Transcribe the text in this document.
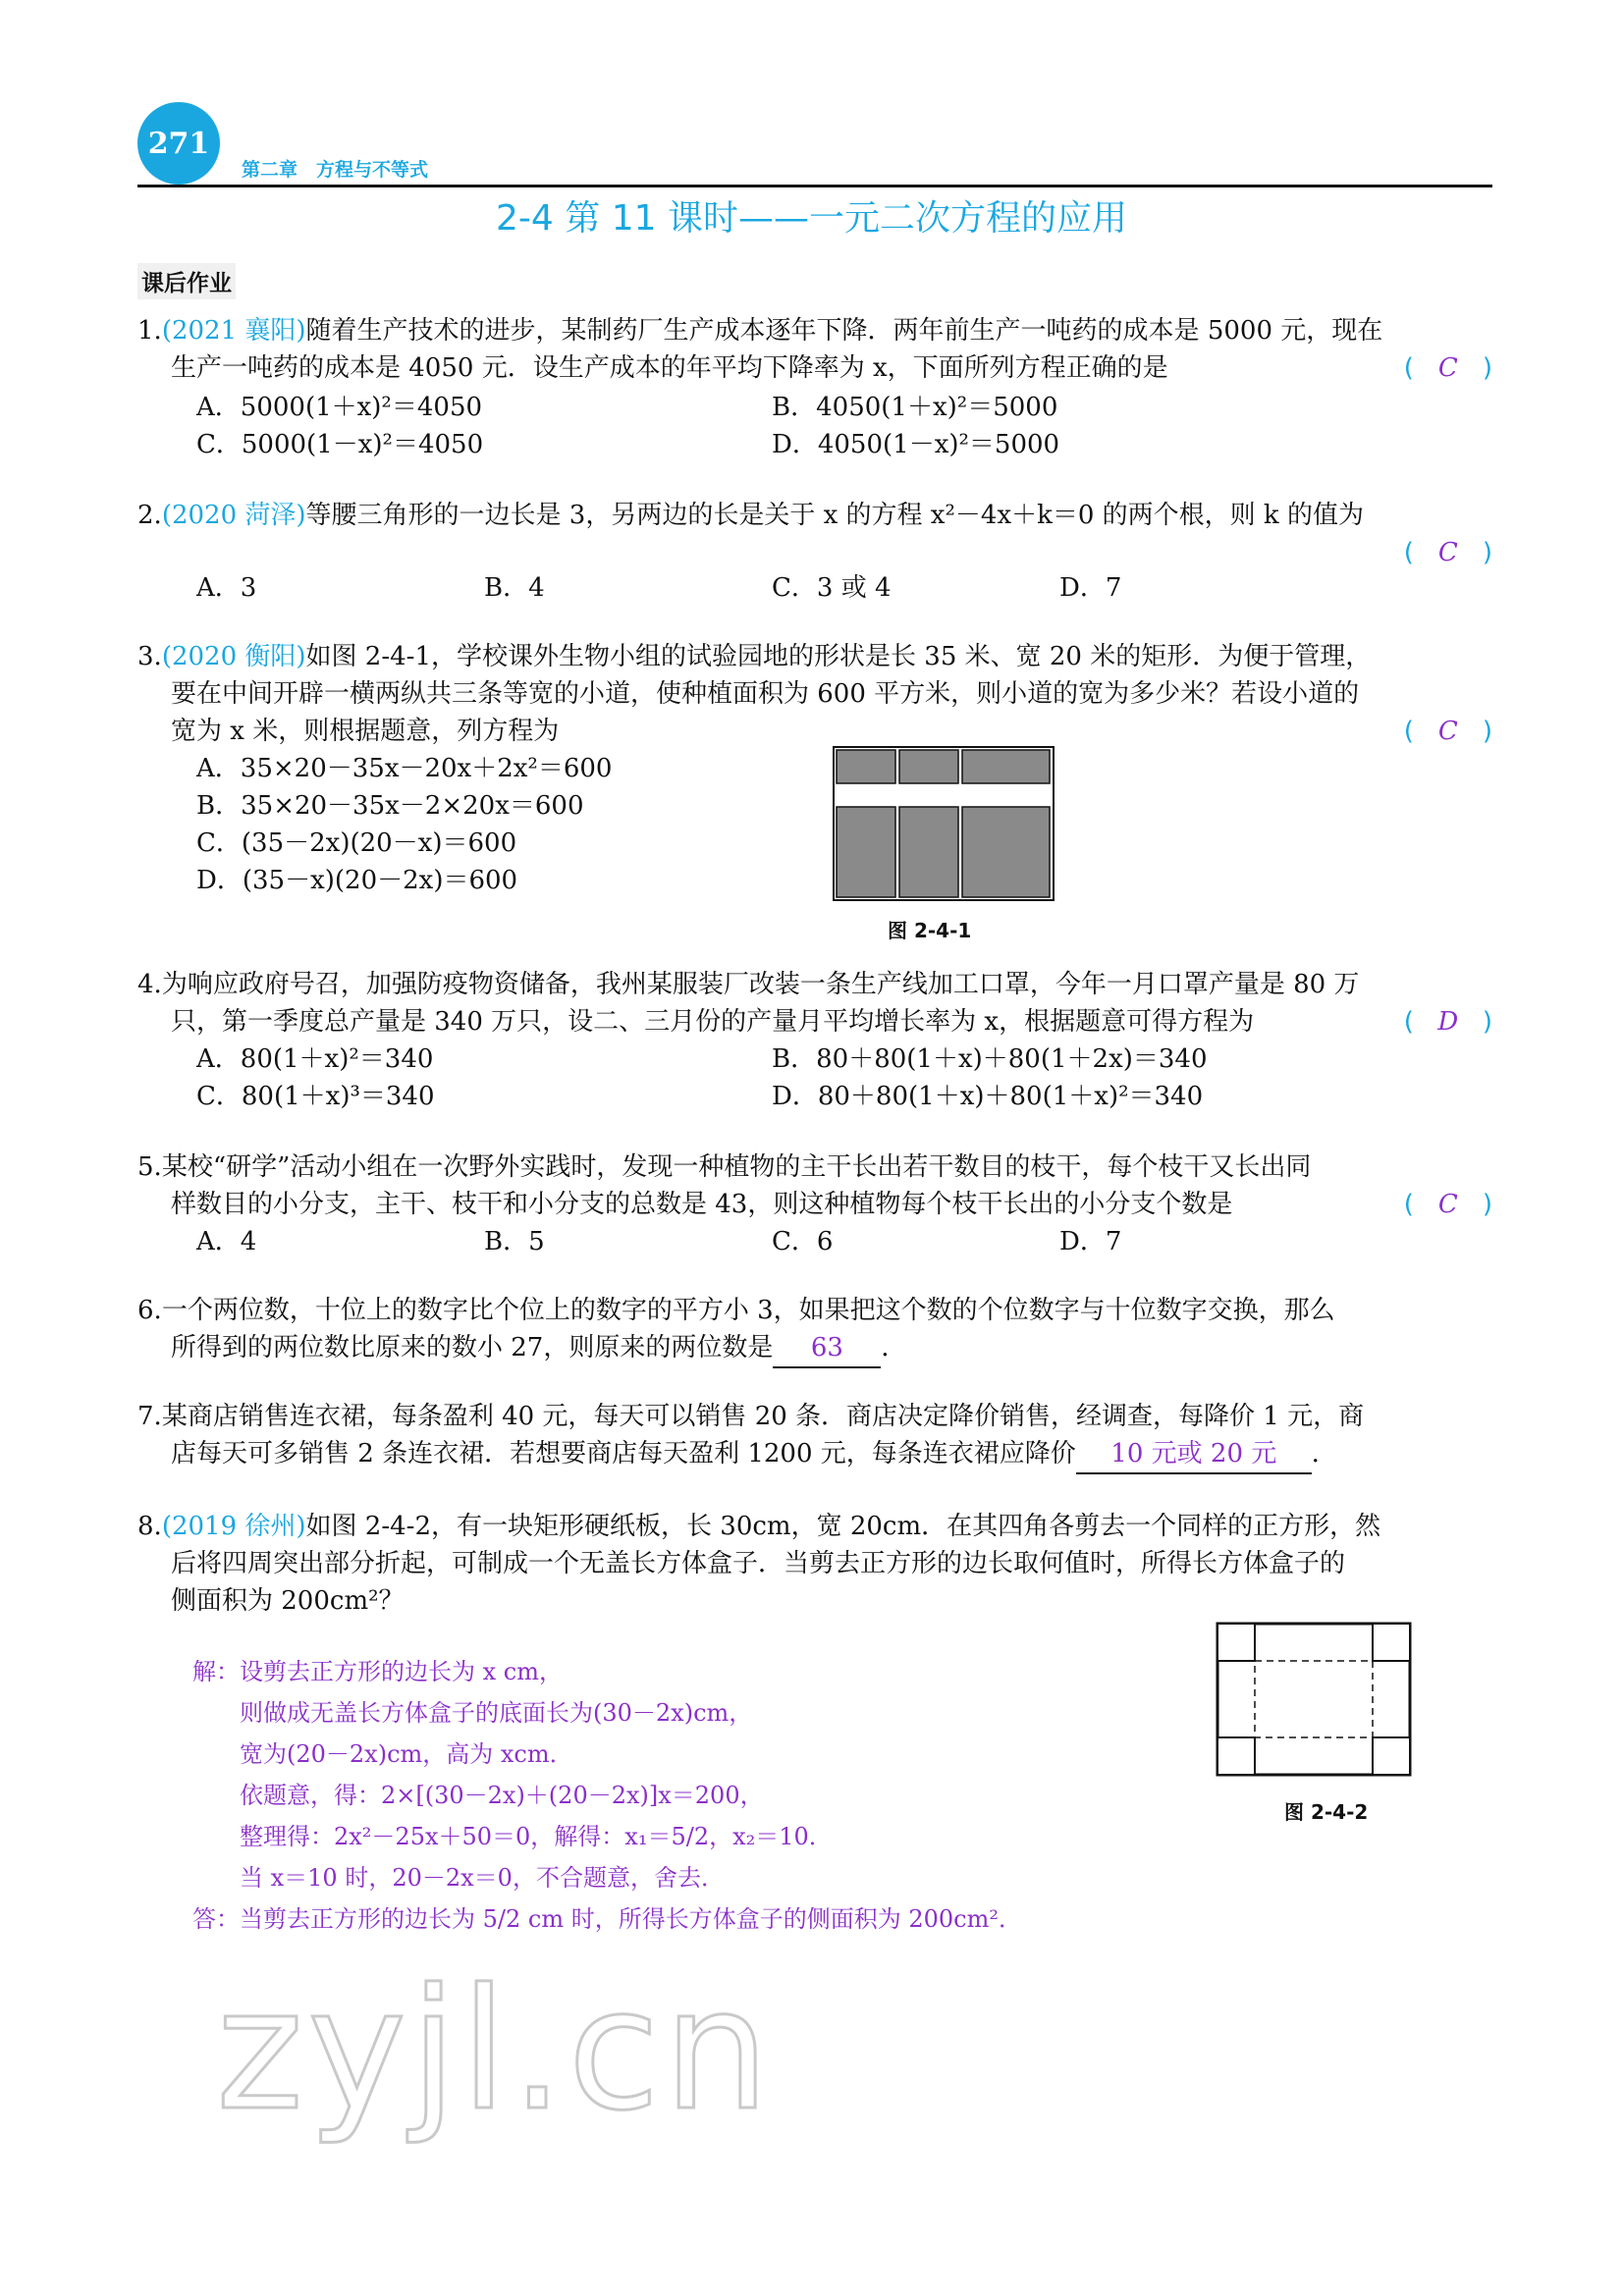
271
第二章　方程与不等式
2-4 第 11 课时——一元二次方程的应用
课后作业
1.(2021 襄阳)随着生产技术的进步，某制药厂生产成本逐年下降．两年前生产一吨药的成本是 5000 元，现在
生产一吨药的成本是 4050 元．设生产成本的年平均下降率为 x，下面所列方程正确的是	( C )
A．5000(1＋x)²＝4050	B．4050(1＋x)²＝5000
C．5000(1－x)²＝4050	D．4050(1－x)²＝5000
2.(2020 菏泽)等腰三角形的一边长是 3，另两边的长是关于 x 的方程 x²－4x＋k＝0 的两个根，则 k 的值为
( C )
A．3	B．4	C．3 或 4	D．7
3.(2020 衡阳)如图 2-4-1，学校课外生物小组的试验园地的形状是长 35 米、宽 20 米的矩形．为便于管理，
要在中间开辟一横两纵共三条等宽的小道，使种植面积为 600 平方米，则小道的宽为多少米？若设小道的
宽为 x 米，则根据题意，列方程为	( C )
A．35×20－35x－20x＋2x²＝600
B．35×20－35x－2×20x＝600
C．(35－2x)(20－x)＝600
D．(35－x)(20－2x)＝600
图 2-4-1
4.为响应政府号召，加强防疫物资储备，我州某服装厂改装一条生产线加工口罩，今年一月口罩产量是 80 万
只，第一季度总产量是 340 万只，设二、三月份的产量月平均增长率为 x，根据题意可得方程为	( D )
A．80(1＋x)²＝340	B．80＋80(1＋x)＋80(1＋2x)＝340
C．80(1＋x)³＝340	D．80＋80(1＋x)＋80(1＋x)²＝340
5.某校“研学”活动小组在一次野外实践时，发现一种植物的主干长出若干数目的枝干，每个枝干又长出同
样数目的小分支，主干、枝干和小分支的总数是 43，则这种植物每个枝干长出的小分支个数是	( C )
A．4	B．5	C．6	D．7
6.一个两位数，十位上的数字比个位上的数字的平方小 3，如果把这个数的个位数字与十位数字交换，那么
所得到的两位数比原来的数小 27，则原来的两位数是 63 ．
7.某商店销售连衣裙，每条盈利 40 元，每天可以销售 20 条．商店决定降价销售，经调查，每降价 1 元，商
店每天可多销售 2 条连衣裙．若想要商店每天盈利 1200 元，每条连衣裙应降价 10 元或 20 元 ．
8.(2019 徐州)如图 2-4-2，有一块矩形硬纸板，长 30cm，宽 20cm．在其四角各剪去一个同样的正方形，然
后将四周突出部分折起，可制成一个无盖长方体盒子．当剪去正方形的边长取何值时，所得长方体盒子的
侧面积为 200cm²？
图 2-4-2
解：设剪去正方形的边长为 x cm，
则做成无盖长方体盒子的底面长为(30－2x)cm，
宽为(20－2x)cm，高为 xcm．
依题意，得：2×[(30－2x)＋(20－2x)]x＝200，
整理得：2x²－25x＋50＝0，解得：x₁＝5/2，x₂＝10．
当 x＝10 时，20－2x＝0，不合题意，舍去．
答：当剪去正方形的边长为 5/2 cm 时，所得长方体盒子的侧面积为 200cm²．
zyjl.cn
